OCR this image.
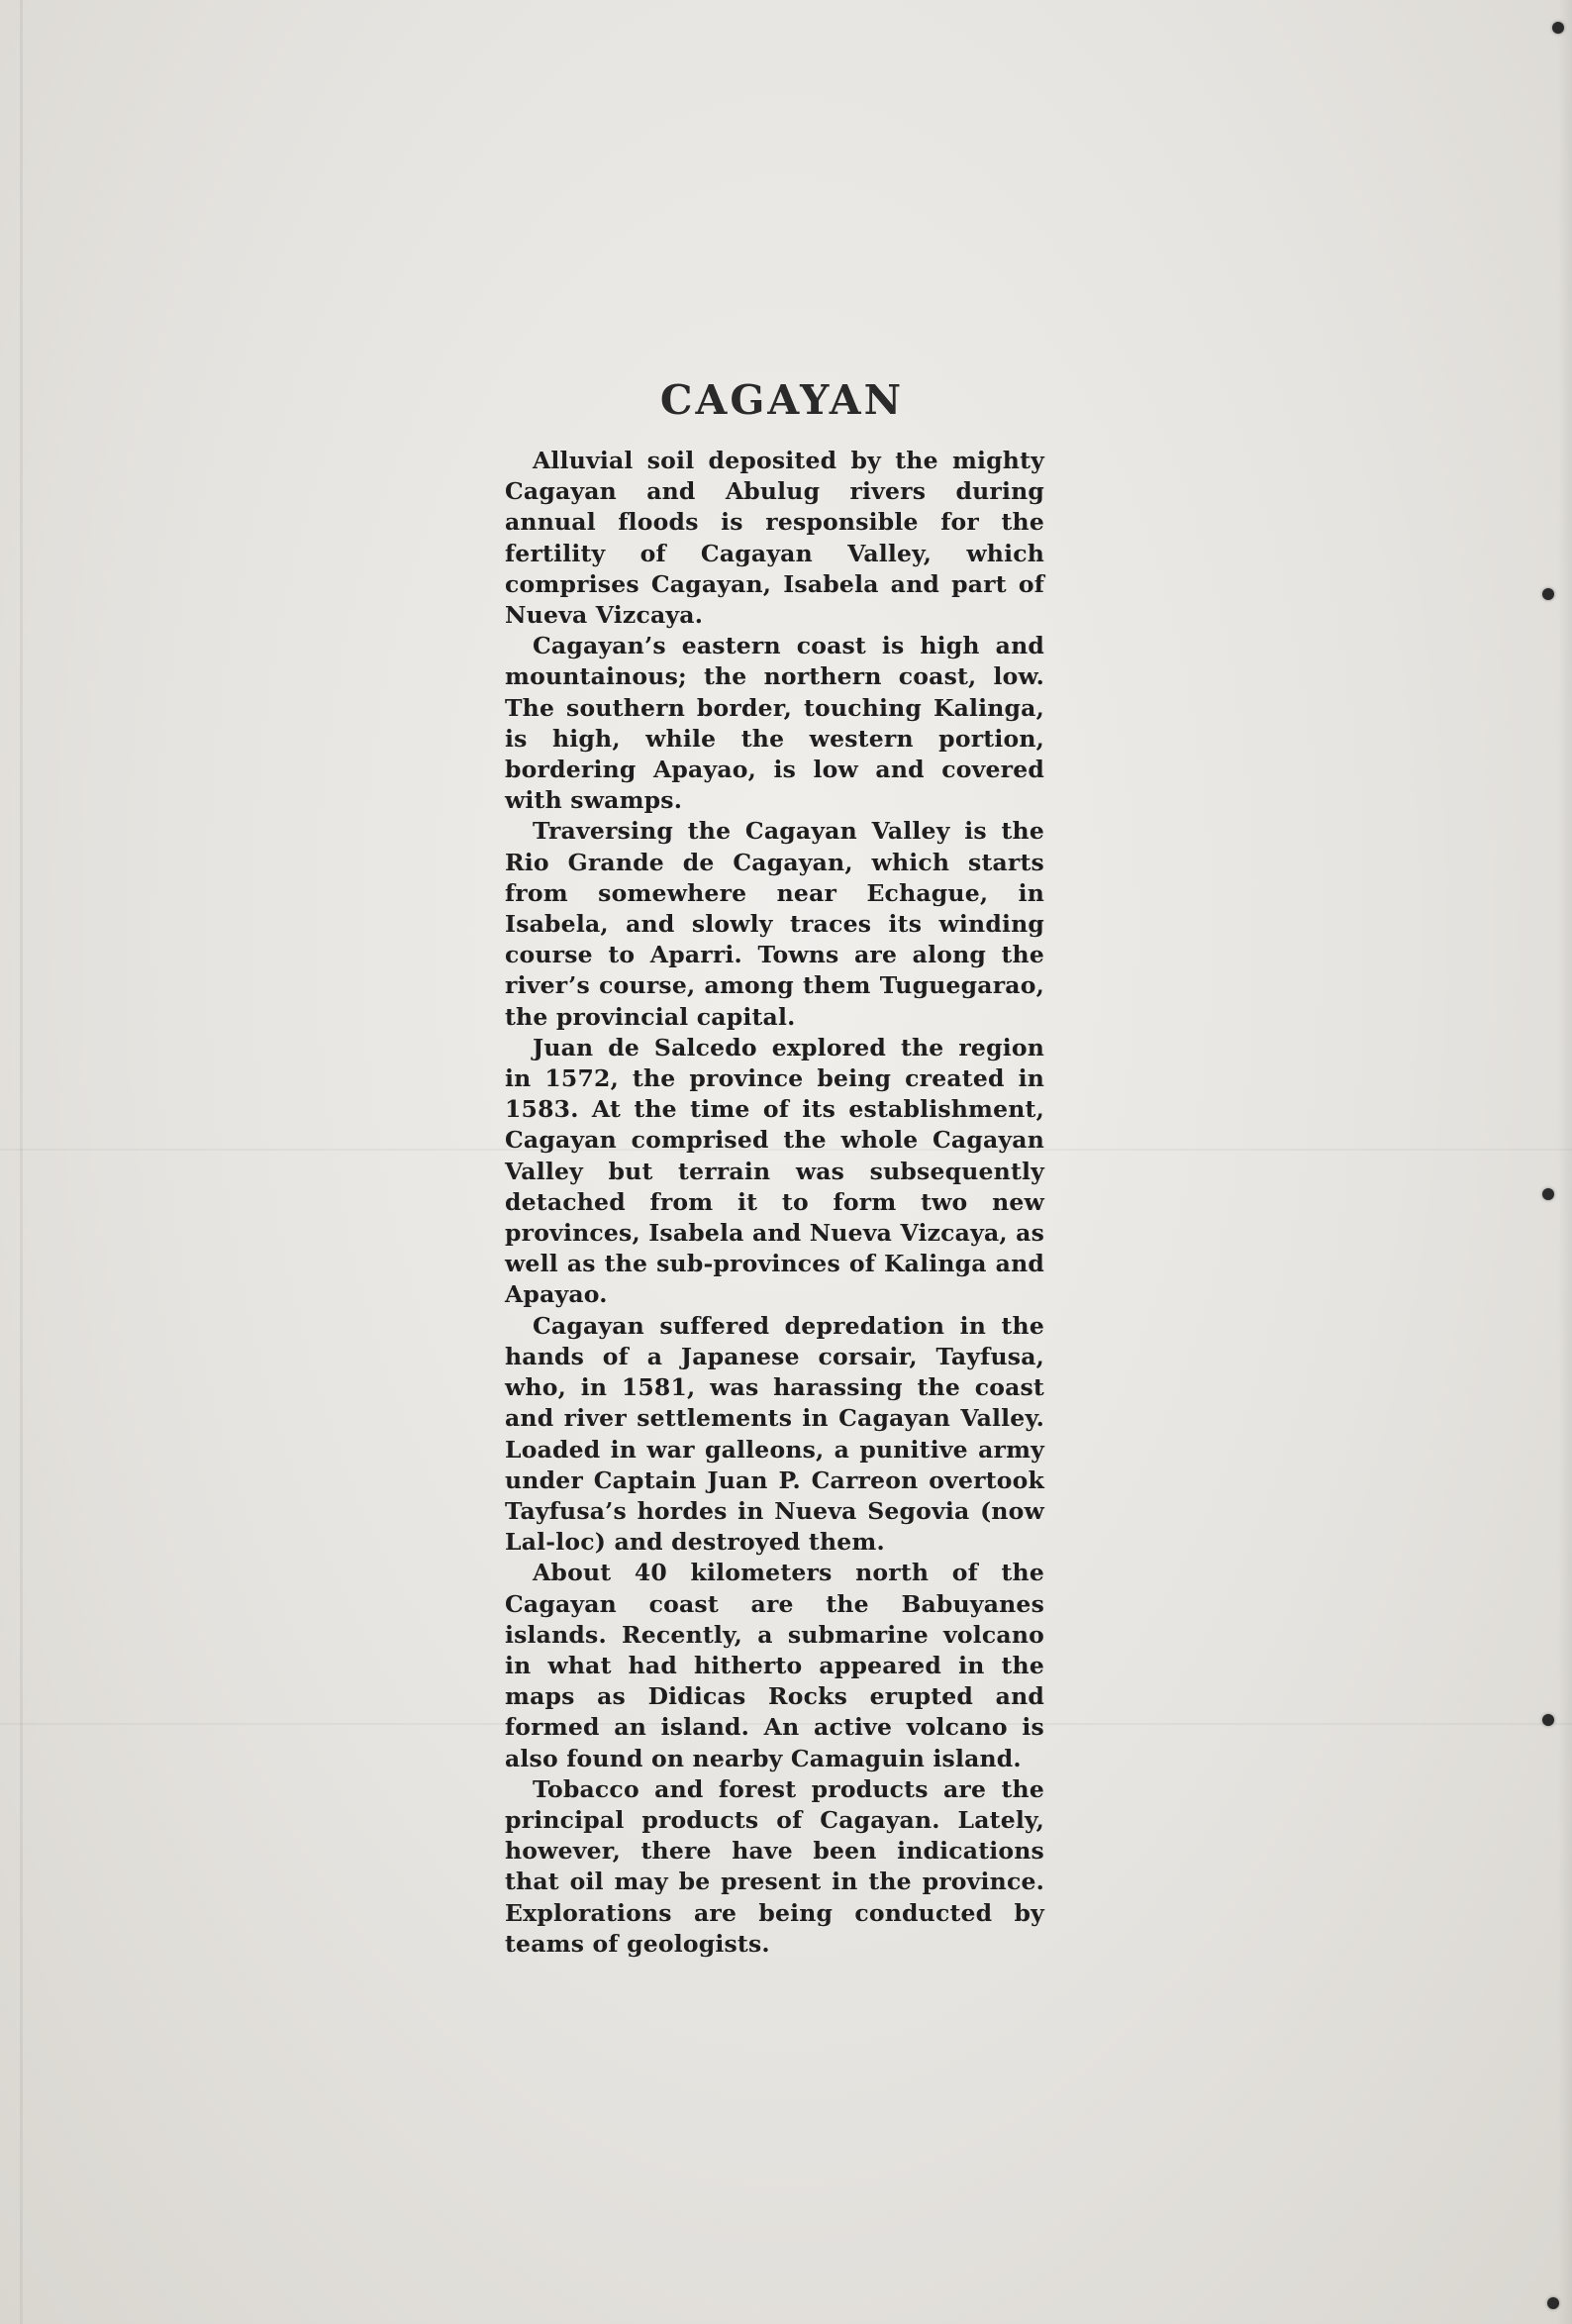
CAGAYAN

Alluvial soil deposited by the mighty Cagayan and Abulug rivers during annual floods is responsible for the fertility of Cagayan Valley, which comprises Cagayan, Isabela and part of Nueva Vizcaya.

Cagayan’s eastern coast is high and mountainous; the northern coast, low. The southern border, touching Kalinga, is high, while the western portion, bordering Apayao, is low and covered with swamps.

Traversing the Cagayan Valley is the Rio Grande de Cagayan, which starts from somewhere near Echague, in Isabela, and slowly traces its winding course to Aparri. Towns are along the river’s course, among them Tuguegarao, the provincial capital.

Juan de Salcedo explored the region in 1572, the province being created in 1583. At the time of its establishment, Cagayan comprised the whole Cagayan Valley but terrain was subsequently detached from it to form two new provinces, Isabela and Nueva Vizcaya, as well as the sub-provinces of Kalinga and Apayao.

Cagayan suffered depredation in the hands of a Japanese corsair, Tayfusa, who, in 1581, was harassing the coast and river settlements in Cagayan Valley. Loaded in war galleons, a punitive army under Captain Juan P. Carreon overtook Tayfusa’s hordes in Nueva Segovia (now Lal-loc) and destroyed them.

About 40 kilometers north of the Cagayan coast are the Babuyanes islands. Recently, a submarine volcano in what had hitherto appeared in the maps as Didicas Rocks erupted and formed an island. An active volcano is also found on nearby Camaguin island.

Tobacco and forest products are the principal products of Cagayan. Lately, however, there have been indications that oil may be present in the province. Explorations are being conducted by teams of geologists.
